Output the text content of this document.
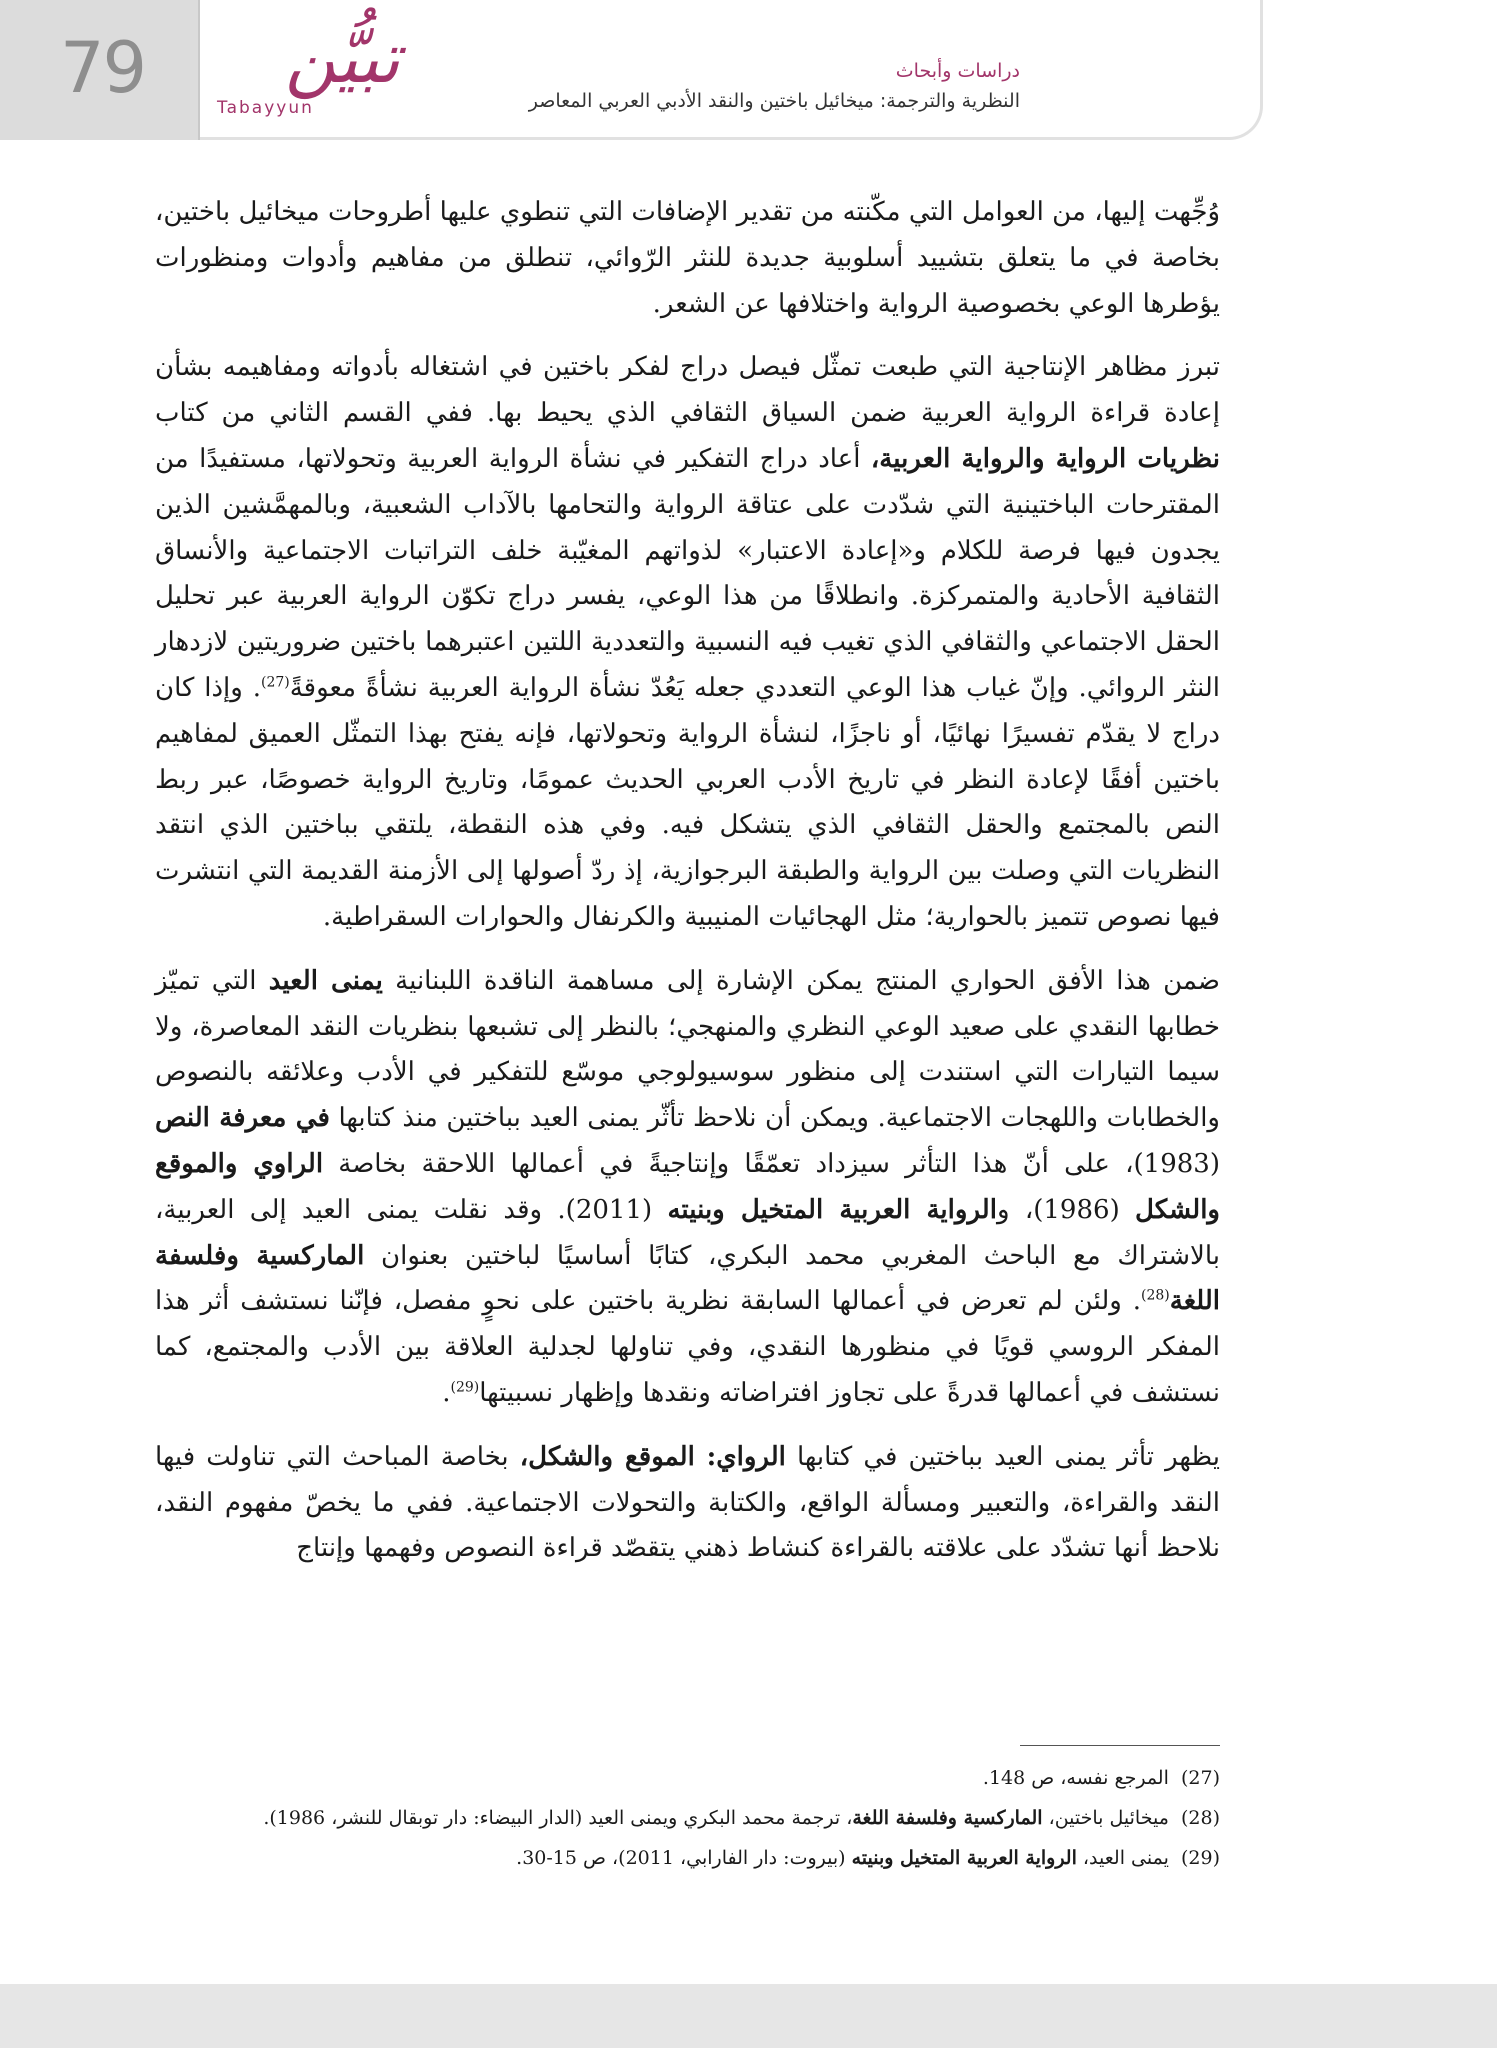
79	تبيُّن
Tabayyun
دراسات وأبحاث
النظرية والترجمة: ميخائيل باختين والنقد الأدبي العربي المعاصر

وُجِّهت إليها، من العوامل التي مكّنته من تقدير الإضافات التي تنطوي عليها أطروحات ميخائيل باختين، بخاصة في ما يتعلق بتشييد أسلوبية جديدة للنثر الرّوائي، تنطلق من مفاهيم وأدوات ومنظورات يؤطرها الوعي بخصوصية الرواية واختلافها عن الشعر.

تبرز مظاهر الإنتاجية التي طبعت تمثّل فيصل دراج لفكر باختين في اشتغاله بأدواته ومفاهيمه بشأن إعادة قراءة الرواية العربية ضمن السياق الثقافي الذي يحيط بها. ففي القسم الثاني من كتاب نظريات الرواية والرواية العربية، أعاد دراج التفكير في نشأة الرواية العربية وتحولاتها، مستفيدًا من المقترحات الباختينية التي شدّدت على عتاقة الرواية والتحامها بالآداب الشعبية، وبالمهمَّشين الذين يجدون فيها فرصة للكلام و«إعادة الاعتبار» لذواتهم المغيّبة خلف التراتبات الاجتماعية والأنساق الثقافية الأحادية والمتمركزة. وانطلاقًا من هذا الوعي، يفسر دراج تكوّن الرواية العربية عبر تحليل الحقل الاجتماعي والثقافي الذي تغيب فيه النسبية والتعددية اللتين اعتبرهما باختين ضروريتين لازدهار النثر الروائي. وإنّ غياب هذا الوعي التعددي جعله يَعُدّ نشأة الرواية العربية نشأةً معوقةً$^{(27)}$. وإذا كان دراج لا يقدّم تفسيرًا نهائيًا، أو ناجزًا، لنشأة الرواية وتحولاتها، فإنه يفتح بهذا التمثّل العميق لمفاهيم باختين أفقًا لإعادة النظر في تاريخ الأدب العربي الحديث عمومًا، وتاريخ الرواية خصوصًا، عبر ربط النص بالمجتمع والحقل الثقافي الذي يتشكل فيه. وفي هذه النقطة، يلتقي بباختين الذي انتقد النظريات التي وصلت بين الرواية والطبقة البرجوازية، إذ ردّ أصولها إلى الأزمنة القديمة التي انتشرت فيها نصوص تتميز بالحوارية؛ مثل الهجائيات المنيبية والكرنفال والحوارات السقراطية.

ضمن هذا الأفق الحواري المنتج يمكن الإشارة إلى مساهمة الناقدة اللبنانية يمنى العيد التي تميّز خطابها النقدي على صعيد الوعي النظري والمنهجي؛ بالنظر إلى تشبعها بنظريات النقد المعاصرة، ولا سيما التيارات التي استندت إلى منظور سوسيولوجي موسّع للتفكير في الأدب وعلائقه بالنصوص والخطابات واللهجات الاجتماعية. ويمكن أن نلاحظ تأثّر يمنى العيد بباختين منذ كتابها في معرفة النص (1983)، على أنّ هذا التأثر سيزداد تعمّقًا وإنتاجيةً في أعمالها اللاحقة بخاصة الراوي والموقع والشكل (1986)، والرواية العربية المتخيل وبنيته (2011). وقد نقلت يمنى العيد إلى العربية، بالاشتراك مع الباحث المغربي محمد البكري، كتابًا أساسيًا لباختين بعنوان الماركسية وفلسفة اللغة$^{(28)}$. ولئن لم تعرض في أعمالها السابقة نظرية باختين على نحوٍ مفصل، فإنّنا نستشف أثر هذا المفكر الروسي قويًا في منظورها النقدي، وفي تناولها لجدلية العلاقة بين الأدب والمجتمع، كما نستشف في أعمالها قدرةً على تجاوز افتراضاته ونقدها وإظهار نسبيتها$^{(29)}$.

يظهر تأثر يمنى العيد بباختين في كتابها الرواي: الموقع والشكل، بخاصة المباحث التي تناولت فيها النقد والقراءة، والتعبير ومسألة الواقع، والكتابة والتحولات الاجتماعية. ففي ما يخصّ مفهوم النقد، نلاحظ أنها تشدّد على علاقته بالقراءة كنشاط ذهني يتقصّد قراءة النصوص وفهمها وإنتاج

(27)  المرجع نفسه، ص 148.

(28)  ميخائيل باختين، الماركسية وفلسفة اللغة، ترجمة محمد البكري ويمنى العيد (الدار البيضاء: دار توبقال للنشر، 1986).

(29)  يمنى العيد، الرواية العربية المتخيل وبنيته (بيروت: دار الفارابي، 2011)، ص 15-30.
